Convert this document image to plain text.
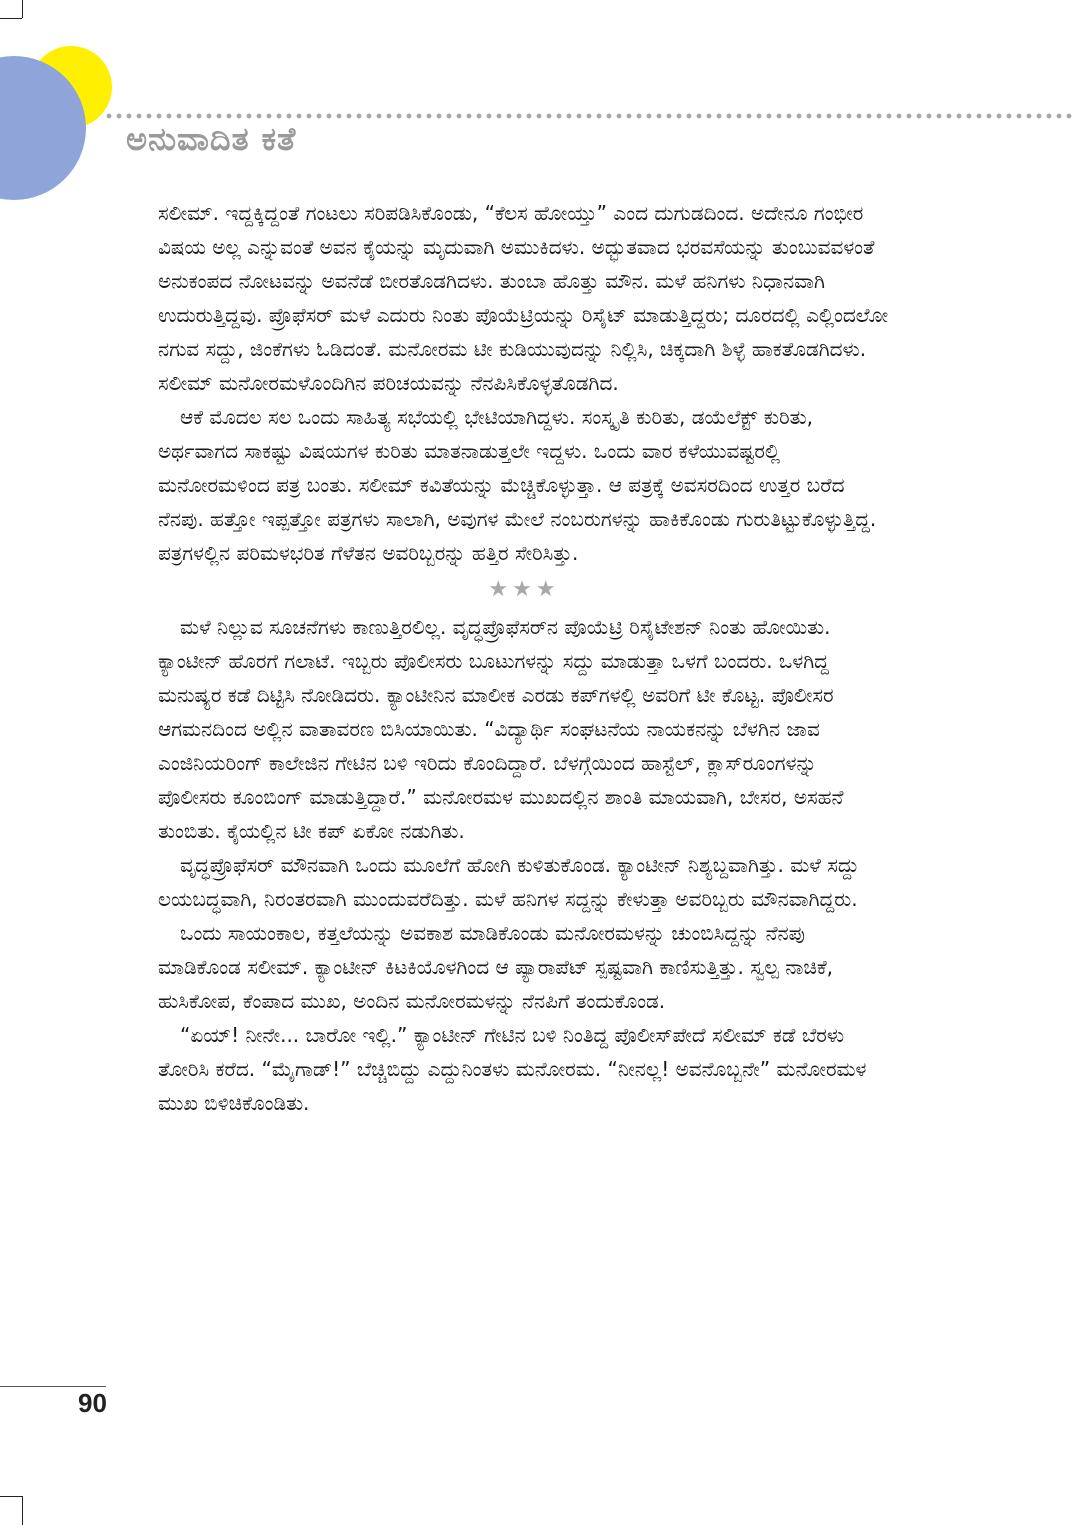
ಅನುವಾದಿತ ಕತೆ

ಸಲೀಮ್. ಇದ್ದಕ್ಕಿದ್ದಂತೆ ಗಂಟಲು ಸರಿಪಡಿಸಿಕೊಂಡು, “ಕೆಲಸ ಹೋಯ್ತು” ಎಂದ ದುಗುಡದಿಂದ. ಅದೇನೂ ಗಂಭೀರ ವಿಷಯ ಅಲ್ಲ ಎನ್ನುವಂತೆ ಅವನ ಕೈಯನ್ನು ಮೃದುವಾಗಿ ಅಮುಕಿದಳು. ಅದ್ಭುತವಾದ ಭರವಸೆಯನ್ನು ತುಂಬುವವಳಂತೆ ಅನುಕಂಪದ ನೋಟವನ್ನು ಅವನೆಡೆ ಬೀರತೊಡಗಿದಳು. ತುಂಬಾ ಹೊತ್ತು ಮೌನ. ಮಳೆ ಹನಿಗಳು ನಿಧಾನವಾಗಿ ಉದುರುತ್ತಿದ್ದವು. ಪ್ರೊಫೆಸರ್ ಮಳೆ ಎದುರು ನಿಂತು ಪೊಯೆಟ್ರಿಯನ್ನು ರಿಸೈಟ್ ಮಾಡುತ್ತಿದ್ದರು; ದೂರದಲ್ಲಿ ಎಲ್ಲಿಂದಲೋ ನಗುವ ಸದ್ದು, ಜಿಂಕೆಗಳು ಓಡಿದಂತೆ. ಮನೋರಮ ಟೀ ಕುಡಿಯುವುದನ್ನು ನಿಲ್ಲಿಸಿ, ಚಿಕ್ಕದಾಗಿ ಶಿಳ್ಳೆ ಹಾಕತೊಡಗಿದಳು. ಸಲೀಮ್ ಮನೋರಮಳೊಂದಿಗಿನ ಪರಿಚಯವನ್ನು ನೆನಪಿಸಿಕೊಳ್ಳತೊಡಗಿದ.

ಆಕೆ ಮೊದಲ ಸಲ ಒಂದು ಸಾಹಿತ್ಯ ಸಭೆಯಲ್ಲಿ ಭೇಟಿಯಾಗಿದ್ದಳು. ಸಂಸ್ಕೃತಿ ಕುರಿತು, ಡಯೆಲೆಕ್ಟ್ ಕುರಿತು, ಅರ್ಥವಾಗದ ಸಾಕಷ್ಟು ವಿಷಯಗಳ ಕುರಿತು ಮಾತನಾಡುತ್ತಲೇ ಇದ್ದಳು. ಒಂದು ವಾರ ಕಳೆಯುವಷ್ಟರಲ್ಲಿ ಮನೋರಮಳಿಂದ ಪತ್ರ ಬಂತು. ಸಲೀಮ್ ಕವಿತೆಯನ್ನು ಮೆಚ್ಚಿಕೊಳ್ಳುತ್ತಾ. ಆ ಪತ್ರಕ್ಕೆ ಅವಸರದಿಂದ ಉತ್ತರ ಬರೆದ ನೆನಪು. ಹತ್ತೋ ಇಪ್ಪತ್ತೋ ಪತ್ರಗಳು ಸಾಲಾಗಿ, ಅವುಗಳ ಮೇಲೆ ನಂಬರುಗಳನ್ನು ಹಾಕಿಕೊಂಡು ಗುರುತಿಟ್ಟುಕೊಳ್ಳುತ್ತಿದ್ದ. ಪತ್ರಗಳಲ್ಲಿನ ಪರಿಮಳಭರಿತ ಗೆಳೆತನ ಅವರಿಬ್ಬರನ್ನು ಹತ್ತಿರ ಸೇರಿಸಿತ್ತು.

★★★

ಮಳೆ ನಿಲ್ಲುವ ಸೂಚನೆಗಳು ಕಾಣುತ್ತಿರಲಿಲ್ಲ. ವೃದ್ಧಪ್ರೊಫೆಸರ್‌ನ ಪೊಯೆಟ್ರಿ ರಿಸೈಟೇಶನ್ ನಿಂತು ಹೋಯಿತು. ಕ್ಯಾಂಟೀನ್ ಹೊರಗೆ ಗಲಾಟೆ. ಇಬ್ಬರು ಪೊಲೀಸರು ಬೂಟುಗಳನ್ನು ಸದ್ದು ಮಾಡುತ್ತಾ ಒಳಗೆ ಬಂದರು. ಒಳಗಿದ್ದ ಮನುಷ್ಯರ ಕಡೆ ದಿಟ್ಟಿಸಿ ನೋಡಿದರು. ಕ್ಯಾಂಟೀನಿನ ಮಾಲೀಕ ಎರಡು ಕಪ್‌ಗಳಲ್ಲಿ ಅವರಿಗೆ ಟೀ ಕೊಟ್ಟ. ಪೊಲೀಸರ ಆಗಮನದಿಂದ ಅಲ್ಲಿನ ವಾತಾವರಣ ಬಿಸಿಯಾಯಿತು. “ವಿದ್ಯಾರ್ಥಿ ಸಂಘಟನೆಯ ನಾಯಕನನ್ನು ಬೆಳಗಿನ ಜಾವ ಎಂಜಿನಿಯರಿಂಗ್ ಕಾಲೇಜಿನ ಗೇಟಿನ ಬಳಿ ಇರಿದು ಕೊಂದಿದ್ದಾರೆ. ಬೆಳಗ್ಗೆಯಿಂದ ಹಾಸ್ಟೆಲ್, ಕ್ಲಾಸ್‌ರೂಂಗಳನ್ನು ಪೊಲೀಸರು ಕೂಂಬಿಂಗ್ ಮಾಡುತ್ತಿದ್ದಾರೆ.” ಮನೋರಮಳ ಮುಖದಲ್ಲಿನ ಶಾಂತಿ ಮಾಯವಾಗಿ, ಬೇಸರ, ಅಸಹನೆ ತುಂಬಿತು. ಕೈಯಲ್ಲಿನ ಟೀ ಕಪ್ ಏಕೋ ನಡುಗಿತು.

ವೃದ್ಧಪ್ರೊಫೆಸರ್ ಮೌನವಾಗಿ ಒಂದು ಮೂಲೆಗೆ ಹೋಗಿ ಕುಳಿತುಕೊಂಡ. ಕ್ಯಾಂಟೀನ್ ನಿಶ್ಯಬ್ದವಾಗಿತ್ತು. ಮಳೆ ಸದ್ದು ಲಯಬದ್ಧವಾಗಿ, ನಿರಂತರವಾಗಿ ಮುಂದುವರೆದಿತ್ತು. ಮಳೆ ಹನಿಗಳ ಸದ್ದನ್ನು ಕೇಳುತ್ತಾ ಅವರಿಬ್ಬರು ಮೌನವಾಗಿದ್ದರು.

ಒಂದು ಸಾಯಂಕಾಲ, ಕತ್ತಲೆಯನ್ನು ಅವಕಾಶ ಮಾಡಿಕೊಂಡು ಮನೋರಮಳನ್ನು ಚುಂಬಿಸಿದ್ದನ್ನು ನೆನಪು ಮಾಡಿಕೊಂಡ ಸಲೀಮ್. ಕ್ಯಾಂಟೀನ್ ಕಿಟಕಿಯೊಳಗಿಂದ ಆ ಪ್ಯಾರಾಪೆಟ್ ಸ್ಪಷ್ಟವಾಗಿ ಕಾಣಿಸುತ್ತಿತ್ತು. ಸ್ವಲ್ಪ ನಾಚಿಕೆ, ಹುಸಿಕೋಪ, ಕೆಂಪಾದ ಮುಖ, ಅಂದಿನ ಮನೋರಮಳನ್ನು ನೆನಪಿಗೆ ತಂದುಕೊಂಡ.

“ಏಯ್! ನೀನೇ... ಬಾರೋ ಇಲ್ಲಿ.” ಕ್ಯಾಂಟೀನ್ ಗೇಟಿನ ಬಳಿ ನಿಂತಿದ್ದ ಪೊಲೀಸ್‌ಪೇದೆ ಸಲೀಮ್ ಕಡೆ ಬೆರಳು ತೋರಿಸಿ ಕರೆದ. “ಮೈಗಾಡ್!” ಬೆಚ್ಚಿಬಿದ್ದು ಎದ್ದುನಿಂತಳು ಮನೋರಮ. “ನೀನಲ್ಲ! ಅವನೊಬ್ಬನೇ” ಮನೋರಮಳ ಮುಖ ಬಿಳಿಚಿಕೊಂಡಿತು.

90
